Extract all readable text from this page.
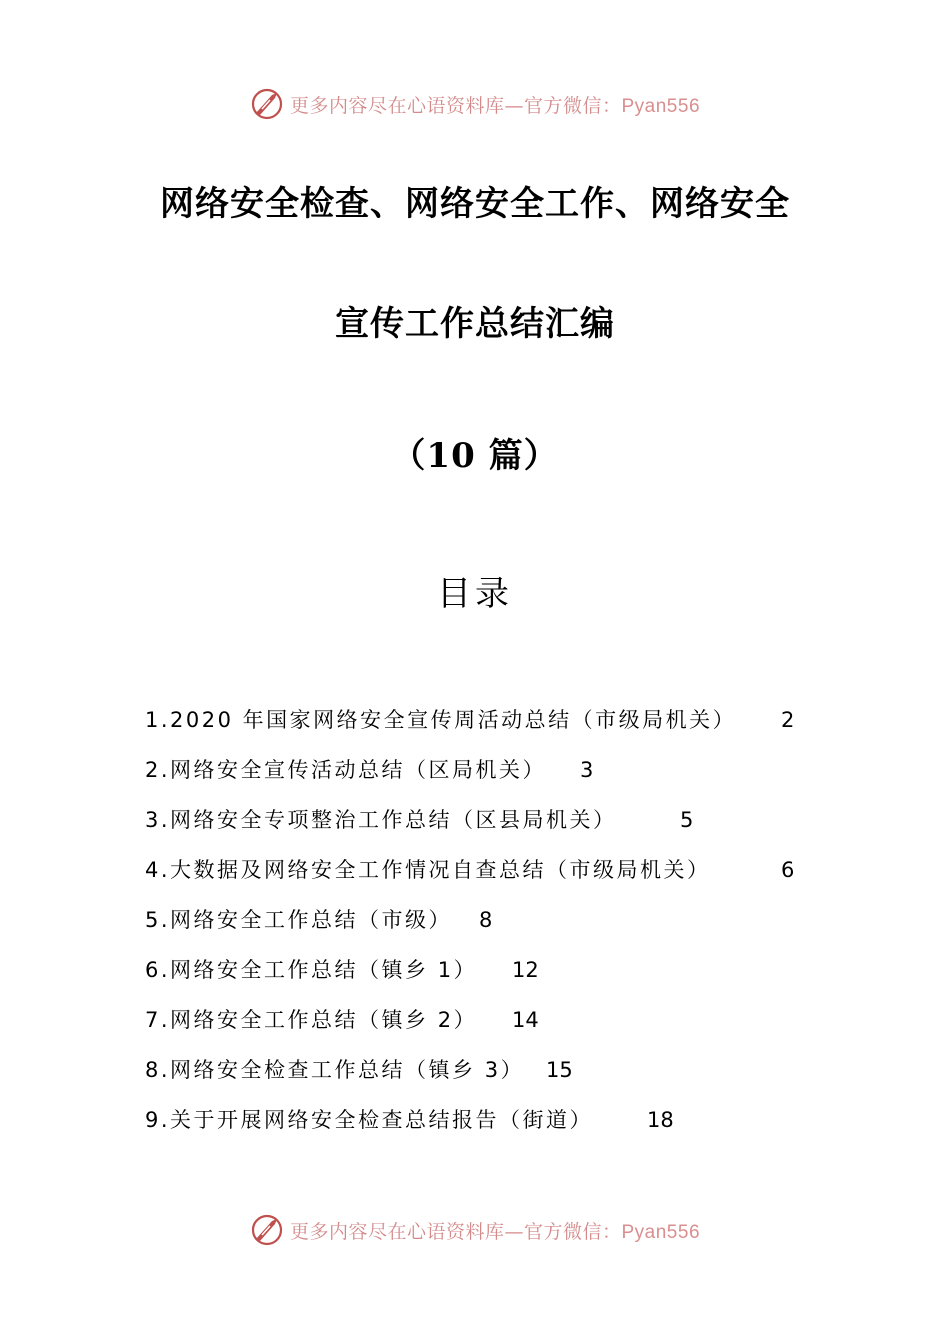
更多内容尽在心语资料库—官方微信：Pyan556
网络安全检查、网络安全工作、网络安全
宣传工作总结汇编
（10 篇）
目录
1.2020 年国家网络安全宣传周活动总结（市级局机关） 2
2.网络安全宣传活动总结（区局机关） 3
3.网络安全专项整治工作总结（区县局机关）	5
4.大数据及网络安全工作情况自查总结（市级局机关）	6
5.网络安全工作总结（市级） 8
6.网络安全工作总结（镇乡 1） 12
7.网络安全工作总结（镇乡 2） 14
8.网络安全检查工作总结（镇乡 3） 15
9.关于开展网络安全检查总结报告（街道）	18
更多内容尽在心语资料库—官方微信：Pyan556
